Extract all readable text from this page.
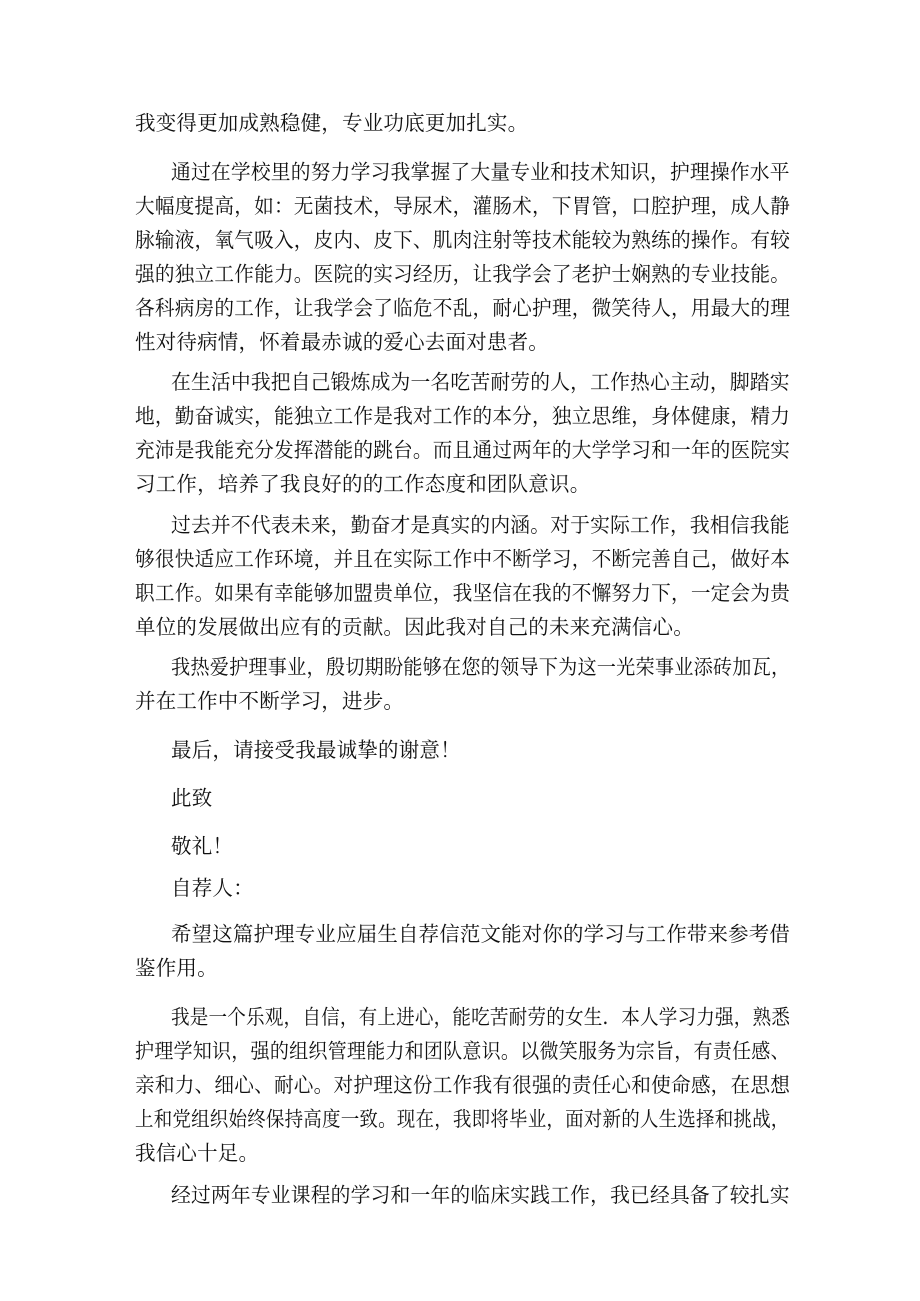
我变得更加成熟稳健，专业功底更加扎实。
通过在学校里的努力学习我掌握了大量专业和技术知识，护理操作水平
大幅度提高，如：无菌技术，导尿术，灌肠术，下胃管，口腔护理，成人静
脉输液，氧气吸入，皮内、皮下、肌肉注射等技术能较为熟练的操作。有较
强的独立工作能力。医院的实习经历，让我学会了老护士娴熟的专业技能。
各科病房的工作，让我学会了临危不乱，耐心护理，微笑待人，用最大的理
性对待病情，怀着最赤诚的爱心去面对患者。
在生活中我把自己锻炼成为一名吃苦耐劳的人，工作热心主动，脚踏实
地，勤奋诚实，能独立工作是我对工作的本分，独立思维，身体健康，精力
充沛是我能充分发挥潜能的跳台。而且通过两年的大学学习和一年的医院实
习工作，培养了我良好的的工作态度和团队意识。
过去并不代表未来，勤奋才是真实的内涵。对于实际工作，我相信我能
够很快适应工作环境，并且在实际工作中不断学习，不断完善自己，做好本
职工作。如果有幸能够加盟贵单位，我坚信在我的不懈努力下，一定会为贵
单位的发展做出应有的贡献。因此我对自己的未来充满信心。
我热爱护理事业，殷切期盼能够在您的领导下为这一光荣事业添砖加瓦，
并在工作中不断学习，进步。
最后，请接受我最诚挚的谢意！
此致
敬礼！
自荐人：
希望这篇护理专业应届生自荐信范文能对你的学习与工作带来参考借
鉴作用。
我是一个乐观，自信，有上进心，能吃苦耐劳的女生．本人学习力强，熟悉
护理学知识，强的组织管理能力和团队意识。以微笑服务为宗旨，有责任感、
亲和力、细心、耐心。对护理这份工作我有很强的责任心和使命感，在思想
上和党组织始终保持高度一致。现在，我即将毕业，面对新的人生选择和挑战，
我信心十足。
经过两年专业课程的学习和一年的临床实践工作，我已经具备了较扎实
